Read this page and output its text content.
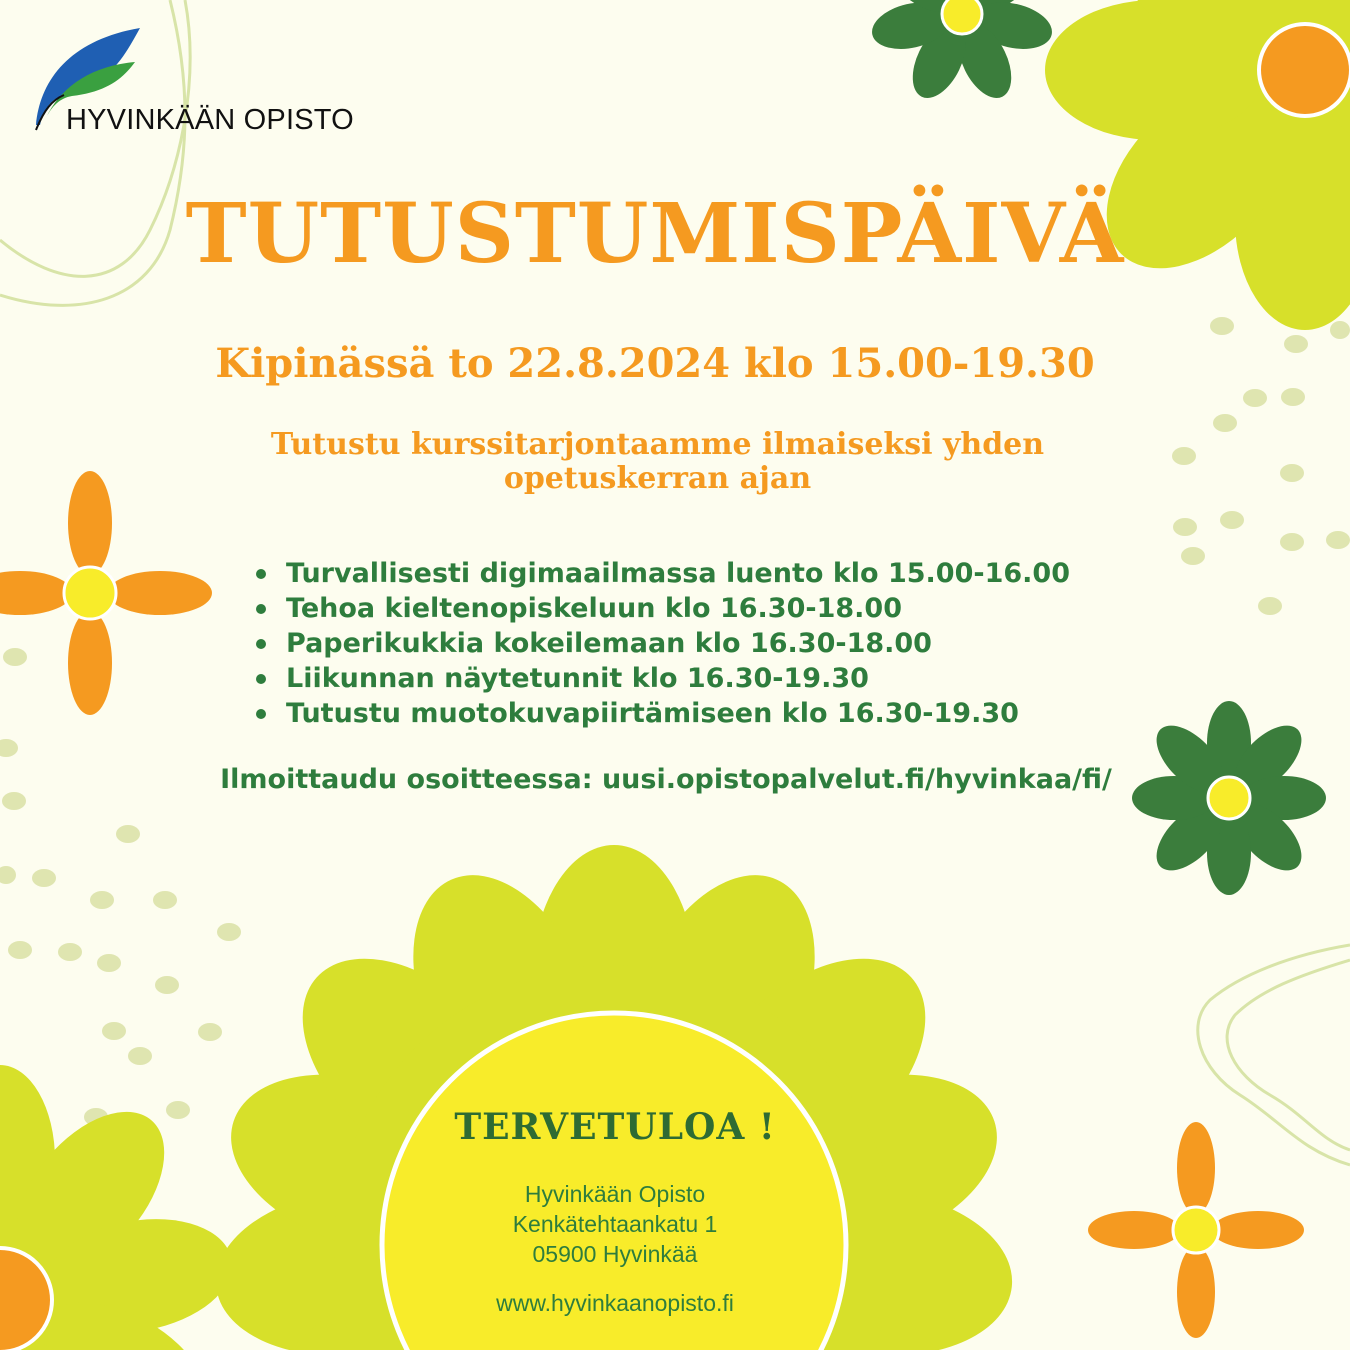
HYVINKÄÄN OPISTO
TUTUSTUMISPÄIVÄ
Kipinässä to 22.8.2024 klo 15.00-19.30
Tutustu kurssitarjontaamme ilmaiseksi yhden opetuskerran ajan
Turvallisesti digimaailmassa luento klo 15.00-16.00
Tehoa kieltenopiskeluun klo 16.30-18.00
Paperikukkia kokeilemaan klo 16.30-18.00
Liikunnan näytetunnit klo 16.30-19.30
Tutustu muotokuvapiirtämiseen klo 16.30-19.30
Ilmoittaudu osoitteessa: uusi.opistopalvelut.fi/hyvinkaa/fi/
TERVETULOA !
Hyvinkään Opisto
Kenkätehtaankatu 1
05900 Hyvinkää
www.hyvinkaanopisto.fi
